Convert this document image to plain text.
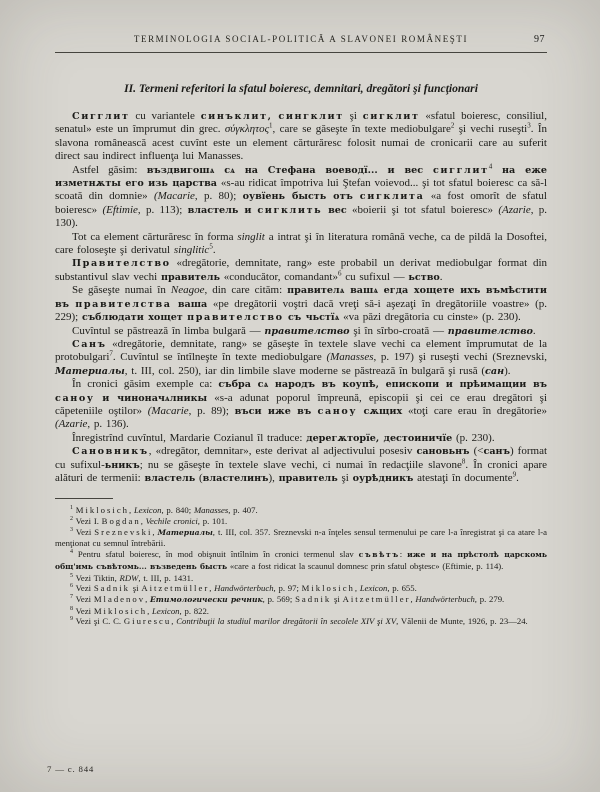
TERMINOLOGIA SOCIAL-POLITICĂ A SLAVONEI ROMÂNEŞTI	97
II. Termeni referitori la sfatul boieresc, demnitari, dregători şi funcţionari

Сигглит cu variantele синъклит, сингклит şi сигклит «sfatul boieresc, consiliul, senatul» este un împrumut din grec. σύγκλητος$^1$, care se găseşte în texte mediobulgare$^2$ şi vechi ruseşti$^3$. În slavona românească acest cuvînt este un element cărturăresc folosit numai de cronicarii care au suferit direct sau indirect influenţa lui Manasses.

Astfel găsim: въздвигошѧ сѧ на Стефана воеводї... и вес сигглит$^4$ на еже изметнѫты его изь царства «s-au ridicat împotriva lui Ştefan voievod... şi tot sfatul boieresc ca să-l scoată din domnie» (Macarie, p. 80); оувїень бысть отъ сигклита «a fost omorît de sfatul boieresc» (Eftimie, p. 113); властель и сигклить вес «boierii şi tot sfatul boieresc» (Azarie, p. 130).

Tot ca element cărturăresc în forma singlit a intrat şi în literatura română veche, ca de pildă la Dosoftei, care foloseşte şi derivatul singlitic$^5$.

Правителство «dregătorie, demnitate, rang» este probabil un derivat mediobulgar format din substantivul slav vechi правитель «conducător, comandant»$^6$ cu sufixul — ьство.

Se găseşte numai în Neagoe, din care cităm: правителѧ вашѧ егда хощете ихъ въмѣстити въ правителства ваша «pe dregătorii voştri dacă vreţi să-i aşezaţi în dregătoriile voastre» (p. 229); съблюдати хощет правителство съ чьстїѧ «va păzi dregătoria cu cinste» (p. 230).

Cuvîntul se păstrează în limba bulgară — правителство şi în sîrbo-croată — правителство.

Санъ «dregătorie, demnitate, rang» se găseşte în textele slave vechi ca element împrumutat de la protobulgari$^7$. Cuvîntul se întîlneşte în texte mediobulgare (Manasses, p. 197) şi ruseşti vechi (Sreznevski, Материалы, t. III, col. 250), iar din limbile slave moderne se păstrează în bulgară şi rusă (сан).

În cronici găsim exemple ca: събра сѧ народъ въ коупѣ, епископи и прѣимащии въ саноу и чиноначѧлникы «s-a adunat poporul împreună, episcopii şi cei ce erau dregători şi căpeteniile oştilor» (Macarie, p. 89); въси иже въ саноу сѫщих «toţi care erau în dregătorie» (Azarie, p. 136).

Înregistrînd cuvîntul, Mardarie Cozianul îl traduce: дерегѫторїе, дестоиничїе (p. 230).

Сановникъ, «dregător, demnitar», este derivat al adjectivului posesiv сановьнъ (<санъ) format cu sufixul-ьникъ; nu se găseşte în textele slave vechi, ci numai în redacţiile slavone$^8$. În cronici apare alături de termenii: властель (властелинъ), правитель şi оурѣдникъ atestaţi în documente$^9$.

$^1$ Miklosich, Lexicon, p. 840; Manasses, p. 407.

$^2$ Vezi I. Bogdan, Vechile cronici, p. 101.

$^3$ Vezi Sreznevski, Материалы, t. III, col. 357. Sreznevski n-a înţeles sensul termenului pe care l-a înregistrat şi ca atare l-a menţionat cu semnul întrebării.

$^4$ Pentru sfatul boieresc, în mod obişnuit întîlnim în cronici termenul slav съвѣтъ: иже и на прѣстолѣ царскомь общ'имь съвѣтомь... възведень бысть «care a fost ridicat la scaunul domnesc prin sfatul obştesc» (Eftimie, p. 114).

$^5$ Vezi Tiktin, RDW, t. III, p. 1431.

$^6$ Vezi Sadnik şi Aitzetmüller, Handwörterbuch, p. 97; Miklosich, Lexicon, p. 655.

$^7$ Vezi Mladenov, Етимологически речник, p. 569; Sadnik şi Aitzetmüller, Handwörterbuch, p. 279.

$^8$ Vezi Miklosich, Lexicon, p. 822.

$^9$ Vezi şi C. C. Giurescu, Contribuţii la studiul marilor dregătorii în secolele XIV şi XV, Vălenii de Munte, 1926, p. 23—24.

7 — c. 844
